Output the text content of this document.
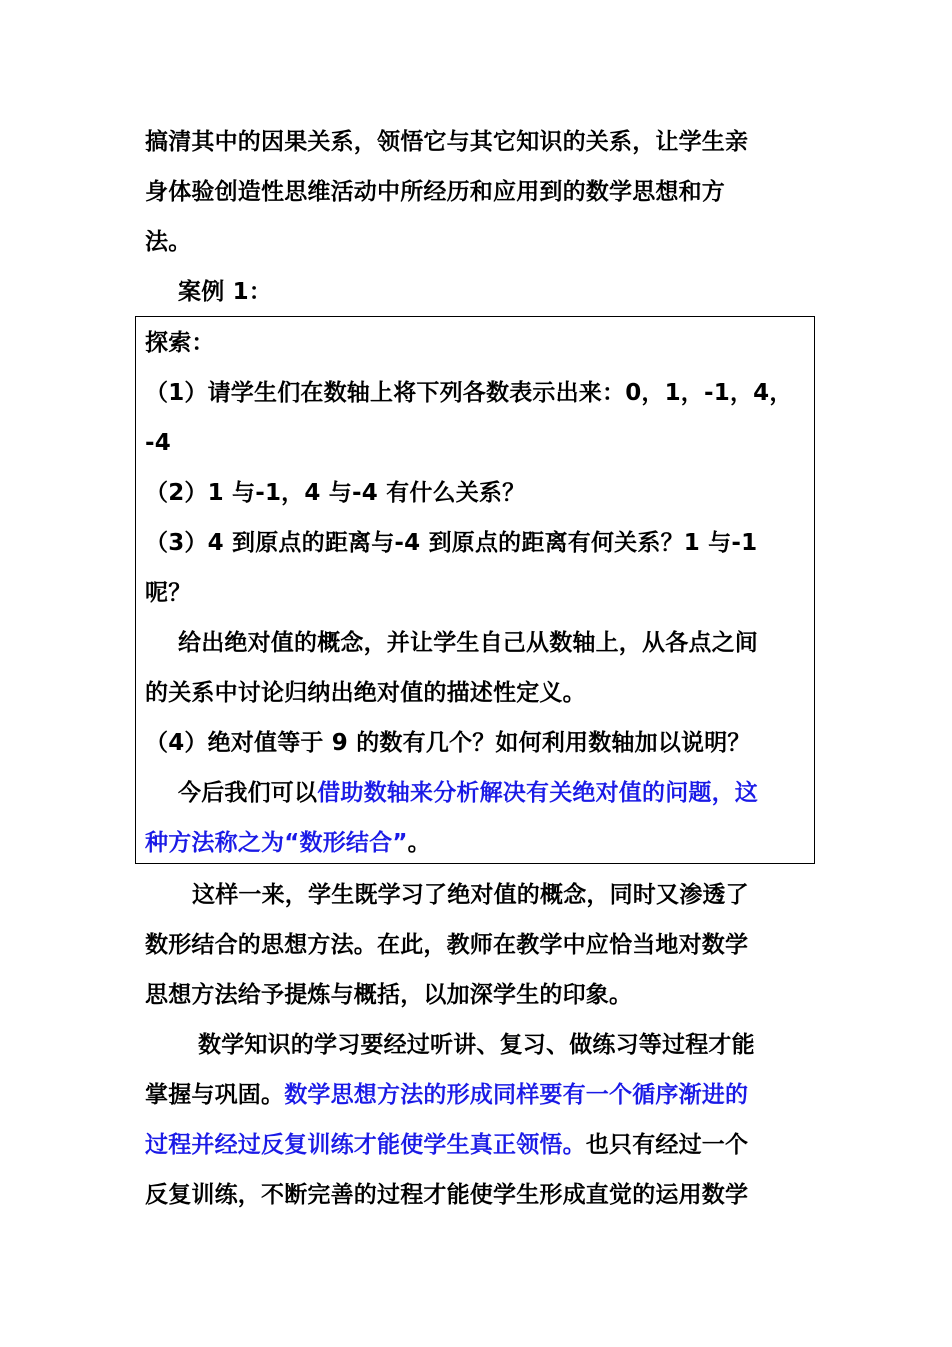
搞清其中的因果关系，领悟它与其它知识的关系，让学生亲
身体验创造性思维活动中所经历和应用到的数学思想和方
法。
案例 1：
探索：
（1）请学生们在数轴上将下列各数表示出来：0，1，-1，4，
-4
（2）1 与-1，4 与-4 有什么关系？
（3）4 到原点的距离与-4 到原点的距离有何关系？1 与-1
呢？
给出绝对值的概念，并让学生自己从数轴上，从各点之间
的关系中讨论归纳出绝对值的描述性定义。
（4）绝对值等于 9 的数有几个？如何利用数轴加以说明？
今后我们可以借助数轴来分析解决有关绝对值的问题，这
种方法称之为“数形结合”。
这样一来，学生既学习了绝对值的概念，同时又渗透了
数形结合的思想方法。在此，教师在教学中应恰当地对数学
思想方法给予提炼与概括，以加深学生的印象。
数学知识的学习要经过听讲、复习、做练习等过程才能
掌握与巩固。数学思想方法的形成同样要有一个循序渐进的
过程并经过反复训练才能使学生真正领悟。也只有经过一个
反复训练，不断完善的过程才能使学生形成直觉的运用数学
